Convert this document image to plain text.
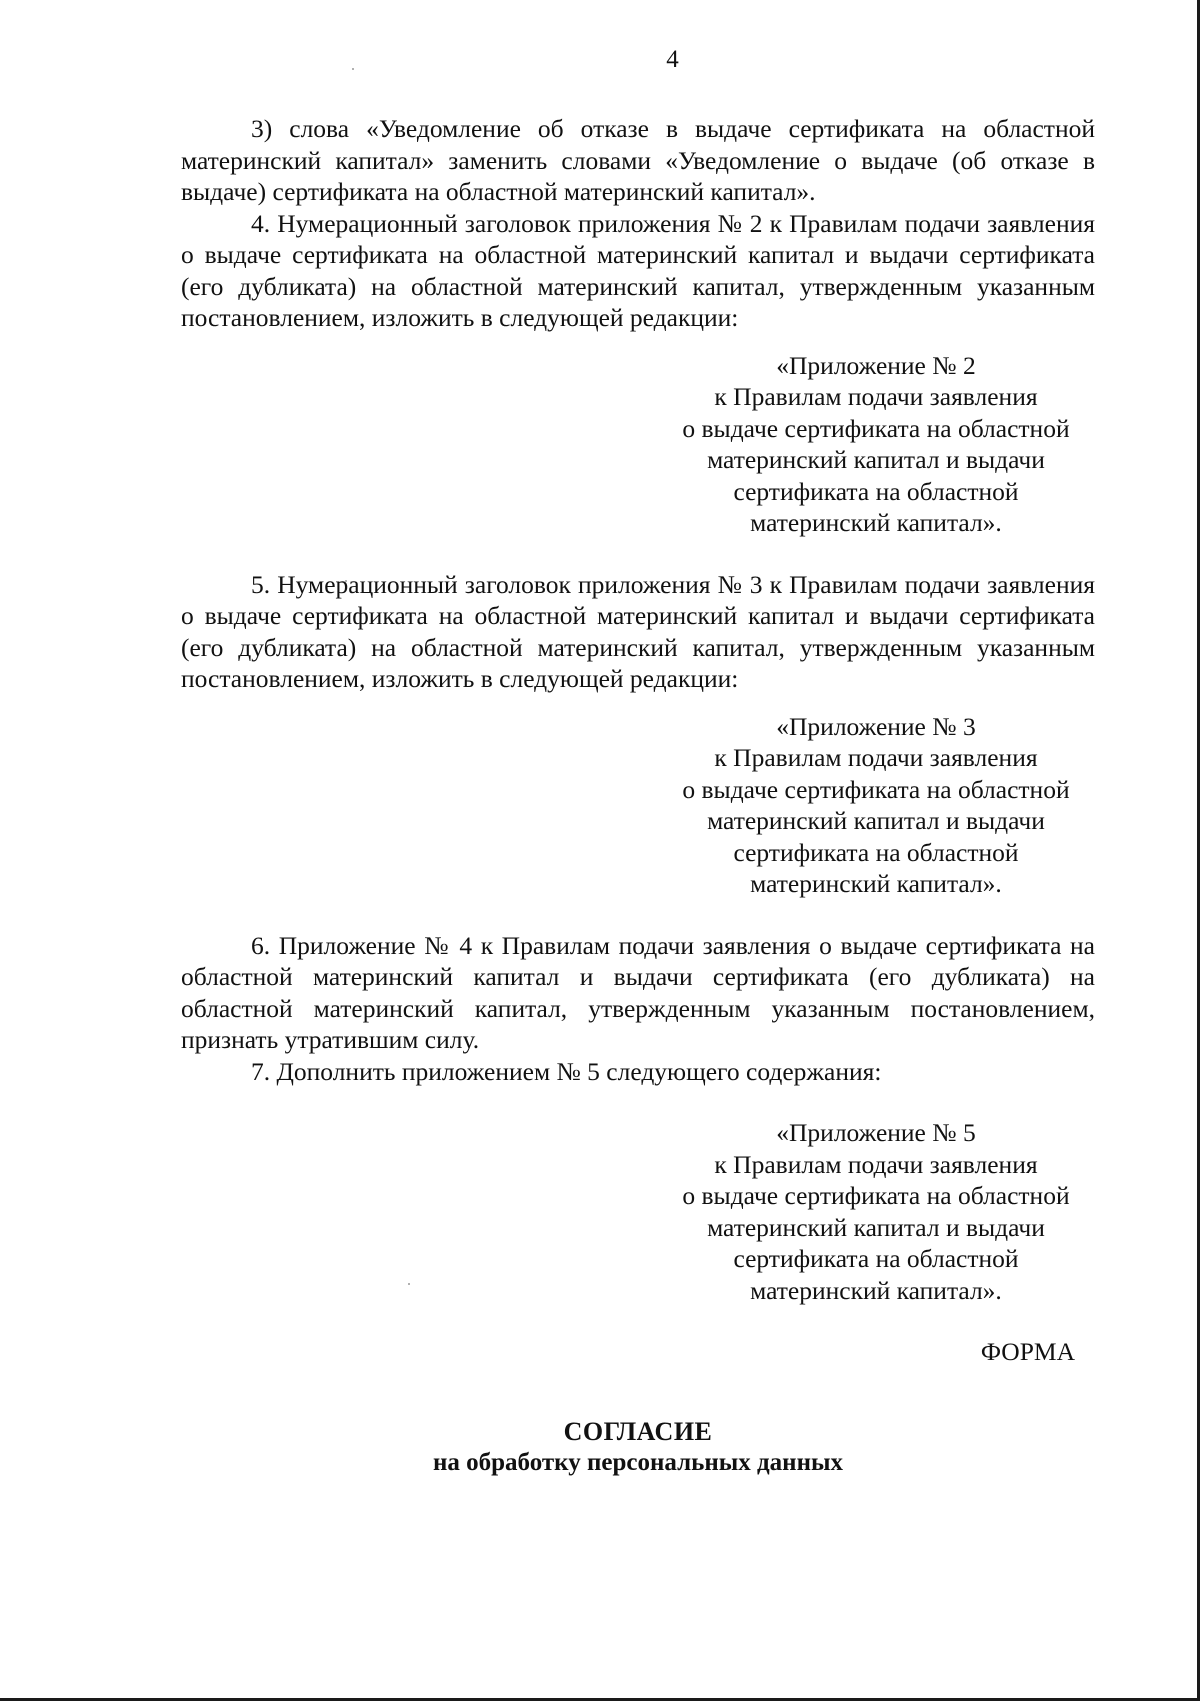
4

3) слова «Уведомление об отказе в выдаче сертификата на областной материнский капитал» заменить словами «Уведомление о выдаче (об отказе в выдаче) сертификата на областной материнский капитал».

4. Нумерационный заголовок приложения № 2 к Правилам подачи заявления о выдаче сертификата на областной материнский капитал и выдачи сертификата (его дубликата) на областной материнский капитал, утвержденным указанным постановлением, изложить в следующей редакции:

«Приложение № 2
к Правилам подачи заявления
о выдаче сертификата на областной
материнский капитал и выдачи
сертификата на областной
материнский капитал».

5. Нумерационный заголовок приложения № 3 к Правилам подачи заявления о выдаче сертификата на областной материнский капитал и выдачи сертификата (его дубликата) на областной материнский капитал, утвержденным указанным постановлением, изложить в следующей редакции:

«Приложение № 3
к Правилам подачи заявления
о выдаче сертификата на областной
материнский капитал и выдачи
сертификата на областной
материнский капитал».

6. Приложение № 4 к Правилам подачи заявления о выдаче сертификата на областной материнский капитал и выдачи сертификата (его дубликата) на областной материнский капитал, утвержденным указанным постановлением, признать утратившим силу.

7. Дополнить приложением № 5 следующего содержания:

«Приложение № 5
к Правилам подачи заявления
о выдаче сертификата на областной
материнский капитал и выдачи
сертификата на областной
материнский капитал».

ФОРМА

СОГЛАСИЕ
на обработку персональных данных
